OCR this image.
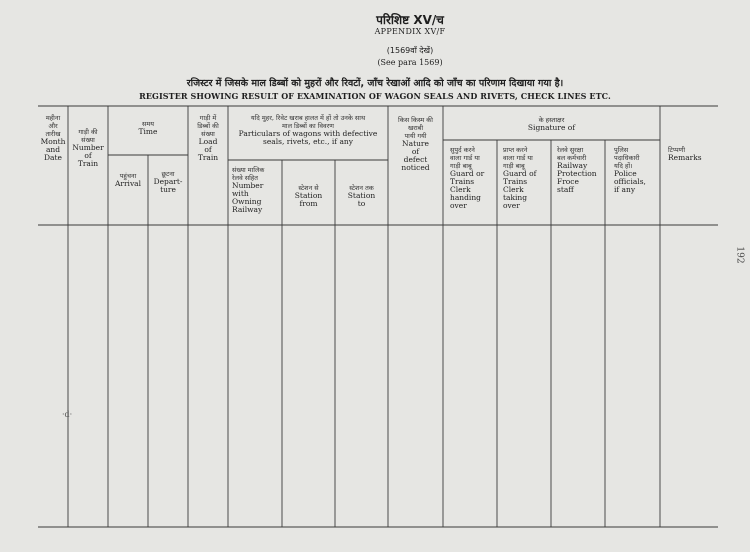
परिशिष्ट XV/च
APPENDIX XV/F
(1569वाँ देखें)
(See para 1569)
रजिस्टर में जिसके माल डिब्बों को मुहरों और रिवटों, जाँच रेखाओं आदि को जाँच का परिणाम दिखाया गया है।
REGISTER SHOWING RESULT OF EXAMINATION OF WAGON SEALS AND RIVETS, CHECK LINES ETC.
महीना
और
तारीख
Month
and
Date
गाड़ी की
संख्या
Number
of
Train
समय
Time
पहुंचना
Arrival
छूटना
Depart-
ture
गाड़ी में
डिब्बों की
संख्या
Load
of
Train
यदि मुहर, रिवेट खराब हालत में हों तो उनके साथ
माल डिब्बों का विवरण
Particulars of wagons with defective
seals, rivets, etc., if any
संख्या मालिक
रेलवे सहित
Number
with
Owning
Railway
स्टेशन से
Station
from
स्टेशन तक
Station
to
किस किस्म की
खराबी
पायी गयी
Nature
of
defect
noticed
के हस्ताक्षर
Signature of
सुपुर्द करने
वाला गार्ड या
गाड़ी बाबू
Guard or
Trains
Clerk
handing
over
प्राप्त करने
वाला गार्ड या
गाड़ी बाबू
Guard of
Trains
Clerk
taking
over
रेलवे सुरक्षा
बल कर्मचारी
Railway
Protection
Froce
staff
पुलिस
पदाधिकारी
यदि हों।
Police
officials,
if any
टिप्पणी
Remarks
192
·d·
